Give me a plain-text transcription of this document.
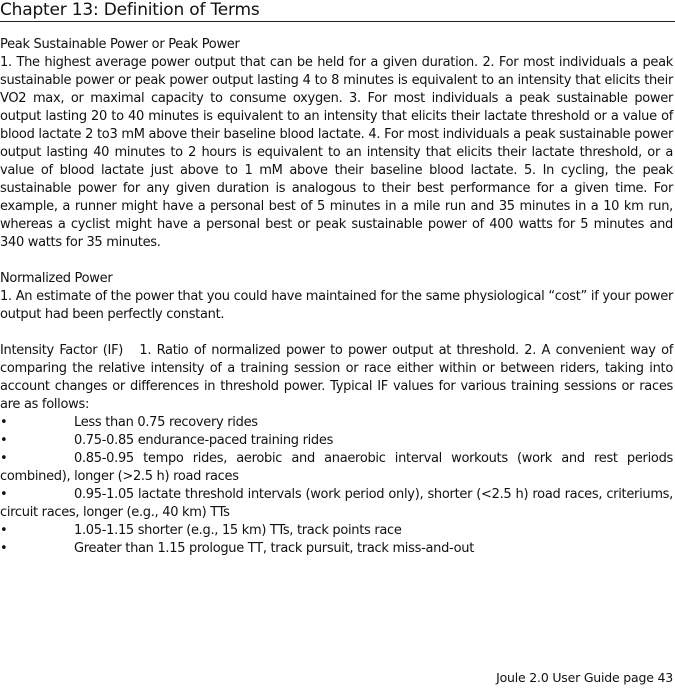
Chapter 13: Definition of Terms

Peak Sustainable Power or Peak Power

1. The highest average power output that can be held for a given duration. 2. For most individuals a peak sustainable power or peak power output lasting 4 to 8 minutes is equivalent to an intensity that elicits their VO2 max, or maximal capacity to consume oxygen. 3. For most individuals a peak sustainable power output lasting 20 to 40 minutes is equivalent to an intensity that elicits their lactate threshold or a value of blood lactate 2 to3 mM above their baseline blood lactate. 4. For most individuals a peak sustainable power output lasting 40 minutes to 2 hours is equivalent to an intensity that elicits their lactate threshold, or a value of blood lactate just above to 1 mM above their baseline blood lactate. 5. In cycling, the peak sustainable power for any given duration is analogous to their best performance for a given time. For example, a runner might have a personal best of 5 minutes in a mile run and 35 minutes in a 10 km run, whereas a cyclist might have a personal best or peak sustainable power of 400 watts for 5 minutes and 340 watts for 35 minutes.

Normalized Power

1. An estimate of the power that you could have maintained for the same physiological “cost” if your power output had been perfectly constant.

Intensity Factor (IF) 1. Ratio of normalized power to power output at threshold. 2. A convenient way of comparing the relative intensity of a training session or race either within or between riders, taking into account changes or differences in threshold power. Typical IF values for various training sessions or races are as follows:

•	Less than 0.75 recovery rides
•	0.75-0.85 endurance-paced training rides
•	0.85-0.95 tempo rides, aerobic and anaerobic interval workouts (work and rest periods combined), longer (>2.5 h) road races
•	0.95-1.05 lactate threshold intervals (work period only), shorter (<2.5 h) road races, criteriums, circuit races, longer (e.g., 40 km) TTs
•	1.05-1.15 shorter (e.g., 15 km) TTs, track points race
•	Greater than 1.15 prologue TT, track pursuit, track miss-and-out
Joule 2.0 User Guide page 43
